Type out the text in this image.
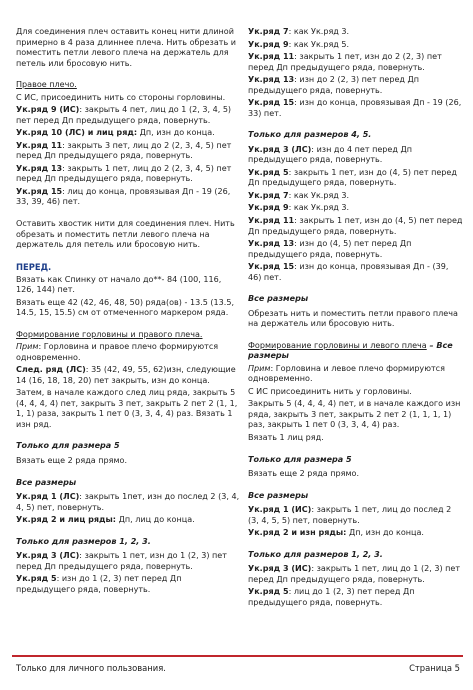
Для соединения плеч оставить конец нити длиной примерно в 4 раза длиннее плеча. Нить обрезать и поместить петли левого плеча на держатель для петель или бросовую нить.

Правое плечо.

С ИС, присоединить нить со стороны горловины.

Ук.ряд 9 (ИС): закрыть 4 пет, лиц до 1 (2, 3, 4, 5) пет перед Дп предыдущего ряда, повернуть.

Ук.ряд 10 (ЛС) и лиц ряд: Дп, изн до конца.

Ук.ряд 11: закрыть 3 пет, лиц до 2 (2, 3, 4, 5) пет перед Дп предыдущего ряда, повернуть.

Ук.ряд 13: закрыть 1 пет, лиц до 2 (2, 3, 4, 5) пет перед Дп предыдущего ряда, повернуть.

Ук.ряд 15: лиц до конца, провязывая Дп - 19 (26, 33, 39, 46) пет.

Оставить хвостик нити для соединения плеч. Нить обрезать и поместить петли левого плеча на держатель для петель или бросовую нить.

ПЕРЕД.

Вязать как Спинку от начало до**- 84 (100, 116, 126, 144) пет.

Вязать еще 42 (42, 46, 48, 50) ряда(ов) - 13.5 (13.5, 14.5, 15, 15.5) см от отмеченного маркером ряда.

Формирование горловины и правого плеча.

Прим: Горловина и правое плечо формируются одновременно.

След. ряд (ЛС): 35 (42, 49, 55, 62)изн, следующие 14 (16, 18, 18, 20) пет закрыть, изн до конца.

Затем, в начале каждого след лиц ряда, закрыть 5 (4, 4, 4, 4) пет, закрыть 3 пет, закрыть 2 пет 2 (1, 1, 1, 1) раза, закрыть 1 пет 0 (3, 3, 4, 4) раз. Вязать 1 изн ряд.

Только для размера 5

Вязать еще 2 ряда прямо.

Все размеры

Ук.ряд 1 (ЛС): закрыть 1пет, изн до послед 2 (3, 4, 4, 5) пет, повернуть.

Ук.ряд 2 и лиц ряды: Дп, лиц до конца.

Только для размеров 1, 2, 3.

Ук.ряд 3 (ЛС): закрыть 1 пет, изн до 1 (2, 3) пет перед Дп предыдущего ряда, повернуть.

Ук.ряд 5: изн до 1 (2, 3) пет перед Дп предыдущего ряда, повернуть.

Ук.ряд 7: как Ук.ряд 3.

Ук.ряд 9: как Ук.ряд 5.

Ук.ряд 11: закрыть 1 пет, изн до 2 (2, 3) пет перед Дп предыдущего ряда, повернуть.

Ук.ряд 13: изн до 2 (2, 3) пет перед Дп предыдущего ряда, повернуть.

Ук.ряд 15: изн до конца, провязывая Дп - 19 (26, 33) пет.

Только для размеров 4, 5.

Ук.ряд 3 (ЛС): изн до 4 пет перед Дп предыдущего ряда, повернуть.

Ук.ряд 5: закрыть 1 пет, изн до (4, 5) пет перед Дп предыдущего ряда, повернуть.

Ук.ряд 7: как Ук.ряд 3.

Ук.ряд 9: как Ук.ряд 3.

Ук.ряд 11: закрыть 1 пет, изн до (4, 5) пет перед Дп предыдущего ряда, повернуть.

Ук.ряд 13: изн до (4, 5) пет перед Дп предыдущего ряда, повернуть.

Ук.ряд 15: изн до конца, провязывая Дп - (39, 46) пет.

Все размеры

Обрезать нить и поместить петли правого плеча на держатель или бросовую нить.

Формирование горловины и левого плеча – Все размеры

Прим: Горловина и левое плечо формируются одновременно.

С ИС присоединить нить у горловины.

Закрыть 5 (4, 4, 4, 4) пет, и в начале каждого изн ряда, закрыть 3 пет, закрыть 2 пет 2 (1, 1, 1, 1) раз, закрыть 1 пет 0 (3, 3, 4, 4) раз.

Вязать 1 лиц ряд.

Только для размера 5

Вязать еще 2 ряда прямо.

Все размеры

Ук.ряд 1 (ИС): закрыть 1 пет, лиц до послед 2 (3, 4, 5, 5) пет, повернуть.

Ук.ряд 2 и изн ряды: Дп, изн до конца.

Только для размеров 1, 2, 3.

Ук.ряд 3 (ИС): закрыть 1 пет, лиц до 1 (2, 3) пет перед Дп предыдущего ряда, повернуть.

Ук.ряд 5: лиц до 1 (2, 3) пет перед Дп предыдущего ряда, повернуть.

Только для личного пользования.	Страница 5
